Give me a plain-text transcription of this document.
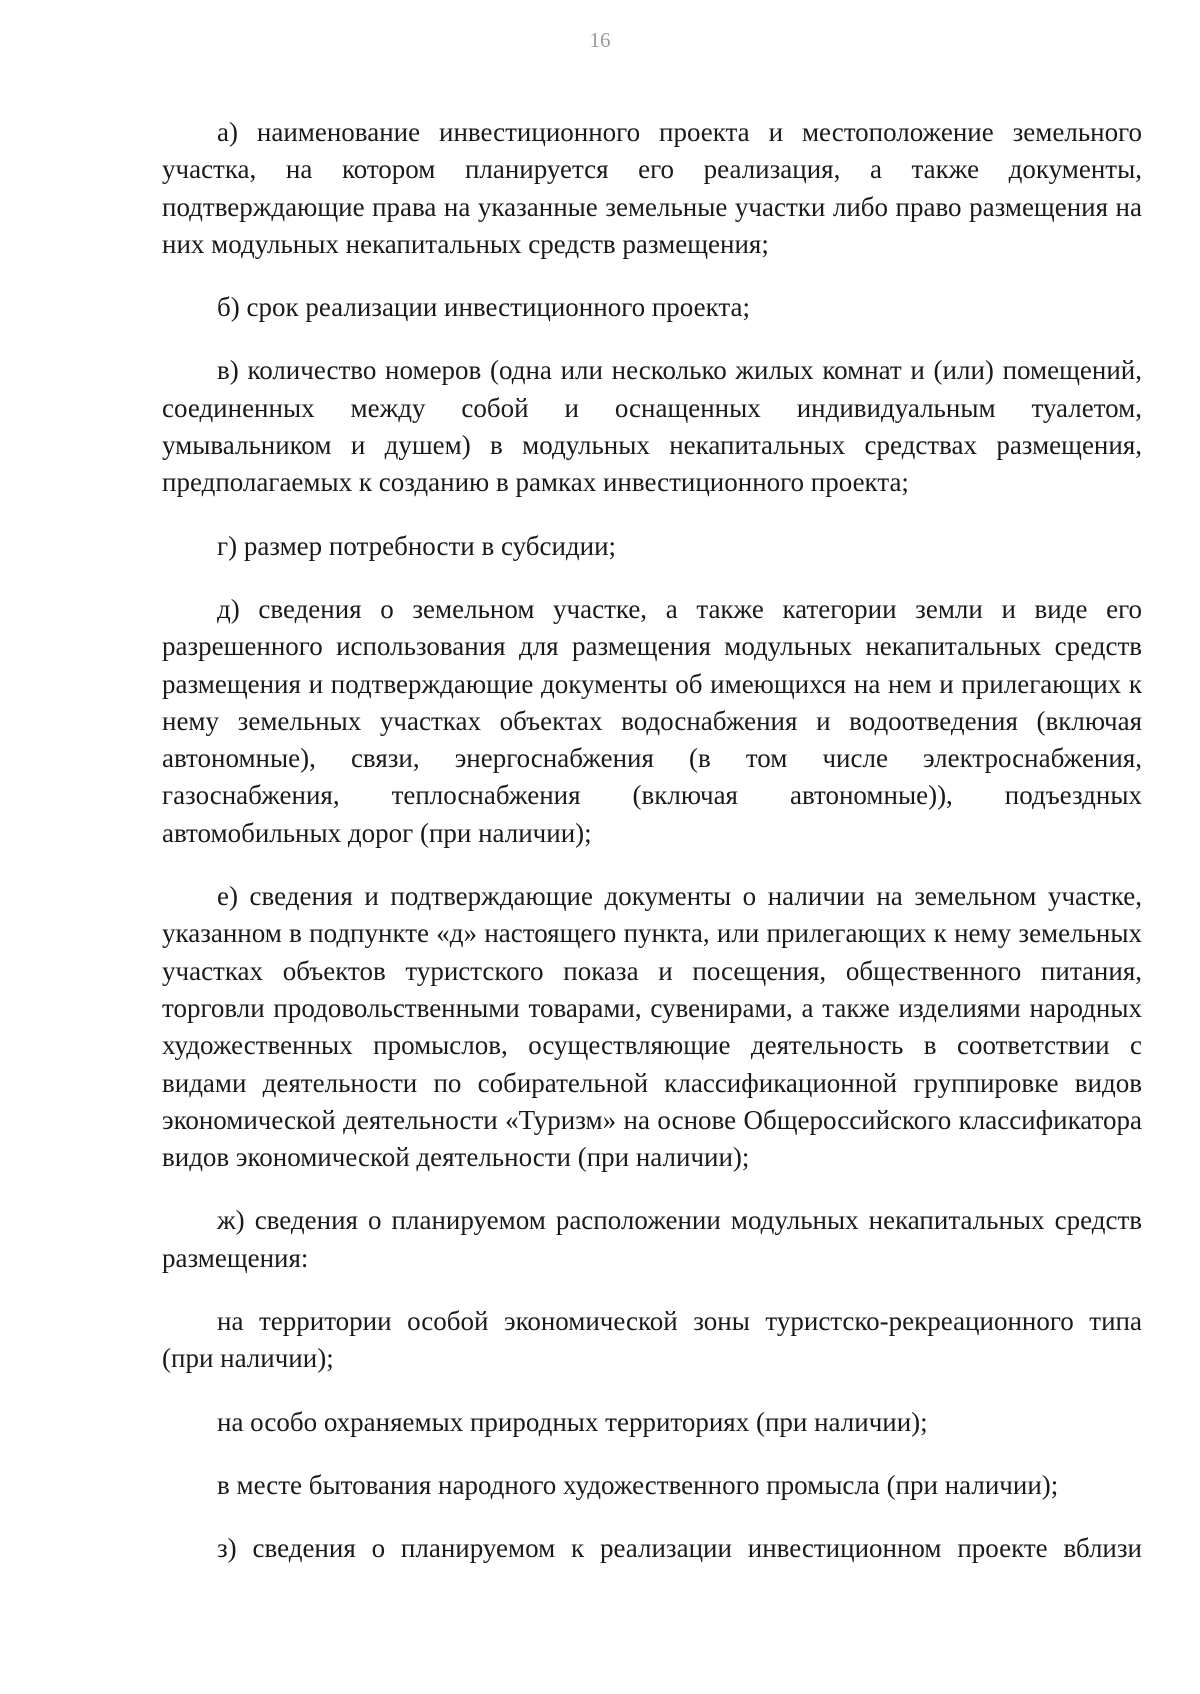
16

а) наименование инвестиционного проекта и местоположение земельного участка, на котором планируется его реализация, а также документы, подтверждающие права на указанные земельные участки либо право размещения на них модульных некапитальных средств размещения;

б) срок реализации инвестиционного проекта;

в) количество номеров (одна или несколько жилых комнат и (или) помещений, соединенных между собой и оснащенных индивидуальным туалетом, умывальником и душем) в модульных некапитальных средствах размещения, предполагаемых к созданию в рамках инвестиционного проекта;

г) размер потребности в субсидии;

д) сведения о земельном участке, а также категории земли и виде его разрешенного использования для размещения модульных некапитальных средств размещения и подтверждающие документы об имеющихся на нем и прилегающих к нему земельных участках объектах водоснабжения и водоотведения (включая автономные), связи, энергоснабжения (в том числе электроснабжения, газоснабжения, теплоснабжения (включая автономные)), подъездных автомобильных дорог (при наличии);

е) сведения и подтверждающие документы о наличии на земельном участке, указанном в подпункте «д» настоящего пункта, или прилегающих к нему земельных участках объектов туристского показа и посещения, общественного питания, торговли продовольственными товарами, сувенирами, а также изделиями народных художественных промыслов, осуществляющие деятельность в соответствии с видами деятельности по собирательной классификационной группировке видов экономической деятельности «Туризм» на основе Общероссийского классификатора видов экономической деятельности (при наличии);

ж) сведения о планируемом расположении модульных некапитальных средств размещения:

на территории особой экономической зоны туристско-рекреационного типа (при наличии);

на особо охраняемых природных территориях (при наличии);

в месте бытования народного художественного промысла (при наличии);

з) сведения о планируемом к реализации инвестиционном проекте вблизи
